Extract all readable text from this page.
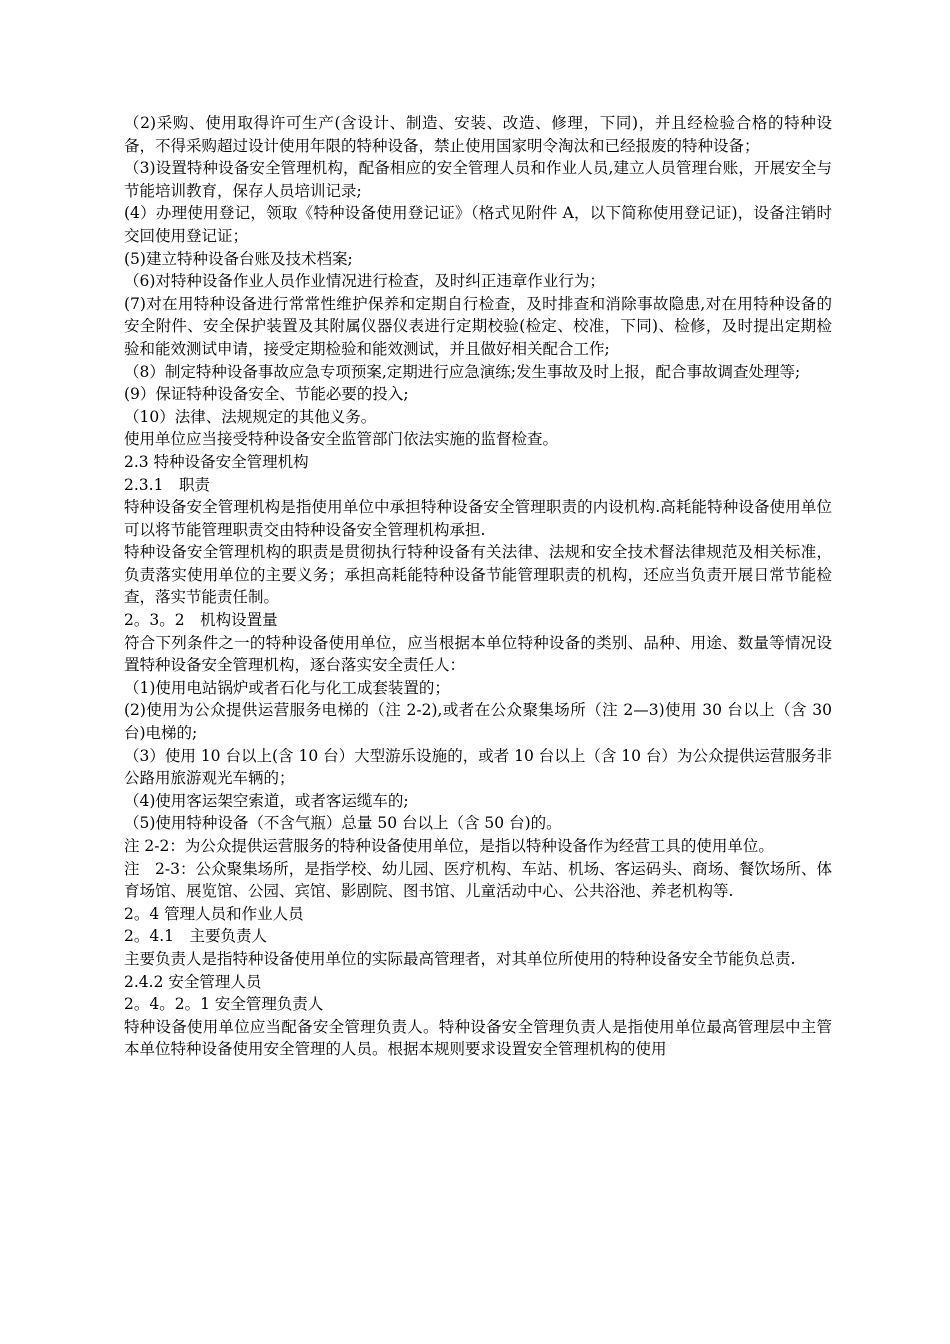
（2)采购、使用取得许可生产(含设计、制造、安装、改造、修理，下同)，并且经检验合格的特种设备，不得采购超过设计使用年限的特种设备，禁止使用国家明令淘汰和已经报废的特种设备；

（3)设置特种设备安全管理机构，配备相应的安全管理人员和作业人员,建立人员管理台账，开展安全与节能培训教育，保存人员培训记录;

(4）办理使用登记，领取《特种设备使用登记证》（格式见附件 A，以下简称使用登记证)，设备注销时交回使用登记证；

(5)建立特种设备台账及技术档案;

（6)对特种设备作业人员作业情况进行检查，及时纠正违章作业行为；

(7)对在用特种设备进行常常性维护保养和定期自行检查，及时排查和消除事故隐患,对在用特种设备的安全附件、安全保护装置及其附属仪器仪表进行定期校验(检定、校准，下同)、检修，及时提出定期检验和能效测试申请，接受定期检验和能效测试，并且做好相关配合工作;

（8）制定特种设备事故应急专项预案,定期进行应急演练;发生事故及时上报，配合事故调查处理等;

(9）保证特种设备安全、节能必要的投入;

（10）法律、法规规定的其他义务。

使用单位应当接受特种设备安全监管部门依法实施的监督检查。

2.3 特种设备安全管理机构

2.3.1　职责

特种设备安全管理机构是指使用单位中承担特种设备安全管理职责的内设机构.高耗能特种设备使用单位可以将节能管理职责交由特种设备安全管理机构承担.

特种设备安全管理机构的职责是贯彻执行特种设备有关法律、法规和安全技术督法律规范及相关标准，负责落实使用单位的主要义务；承担高耗能特种设备节能管理职责的机构，还应当负责开展日常节能检查，落实节能责任制。

2。3。2　机构设置量

符合下列条件之一的特种设备使用单位，应当根据本单位特种设备的类别、品种、用途、数量等情况设置特种设备安全管理机构，逐台落实安全责任人：

（1)使用电站锅炉或者石化与化工成套装置的；

(2)使用为公众提供运营服务电梯的（注 2-2),或者在公众聚集场所（注 2—3)使用 30 台以上（含 30 台)电梯的;

（3）使用 10 台以上(含 10 台）大型游乐设施的，或者 10 台以上（含 10 台）为公众提供运营服务非公路用旅游观光车辆的；

（4)使用客运架空索道，或者客运缆车的;

（5)使用特种设备（不含气瓶）总量 50 台以上（含 50 台)的。

注 2-2：为公众提供运营服务的特种设备使用单位，是指以特种设备作为经营工具的使用单位。

注　2-3：公众聚集场所，是指学校、幼儿园、医疗机构、车站、机场、客运码头、商场、餐饮场所、体育场馆、展览馆、公园、宾馆、影剧院、图书馆、儿童活动中心、公共浴池、养老机构等.

2。4 管理人员和作业人员

2。4.1　主要负责人

主要负责人是指特种设备使用单位的实际最高管理者，对其单位所使用的特种设备安全节能负总责.

2.4.2 安全管理人员

2。4。2。1 安全管理负责人

特种设备使用单位应当配备安全管理负责人。特种设备安全管理负责人是指使用单位最高管理层中主管本单位特种设备使用安全管理的人员。根据本规则要求设置安全管理机构的使用
